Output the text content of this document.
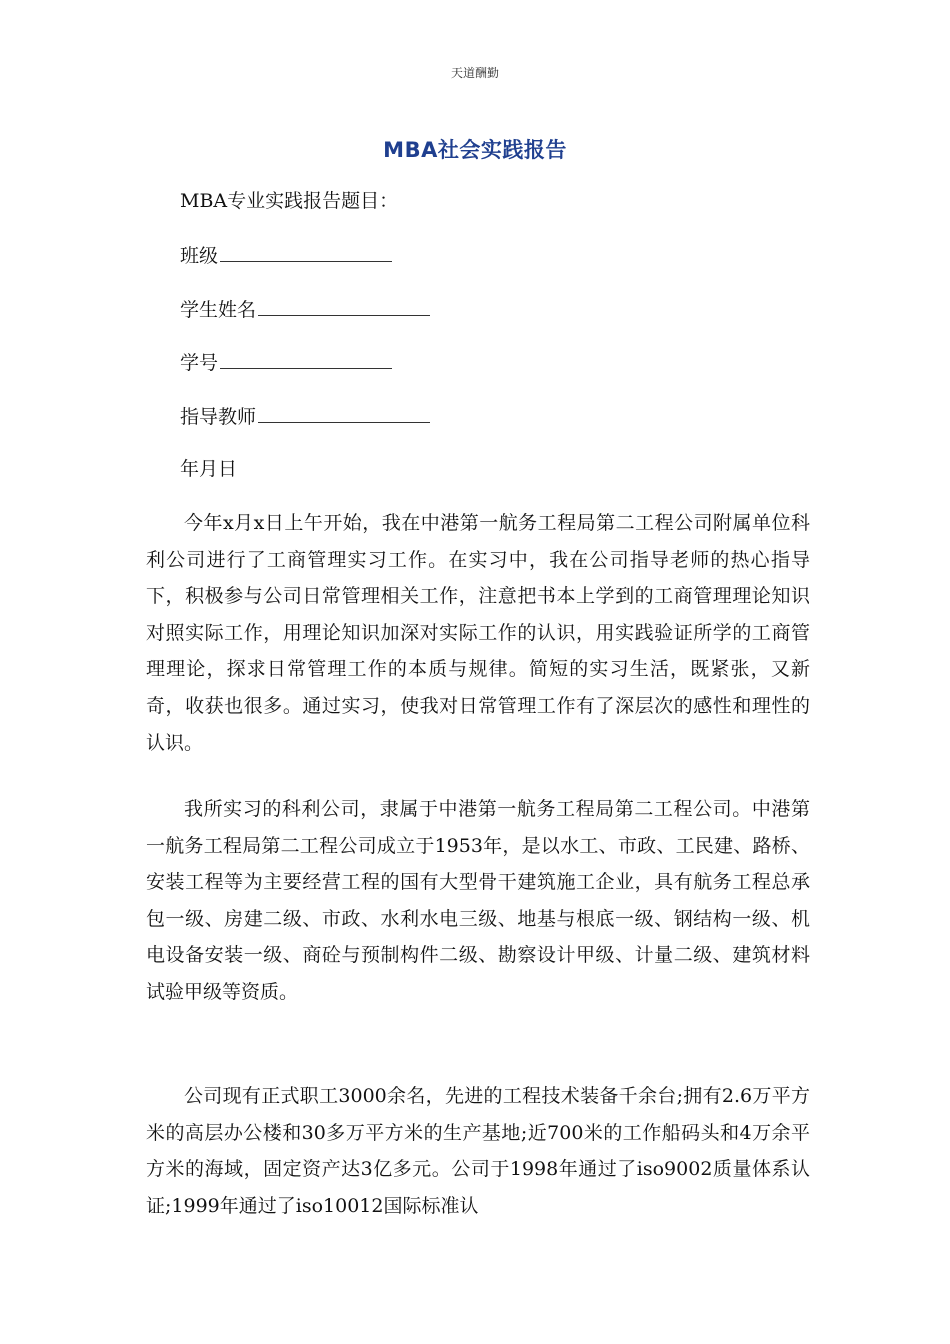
天道酬勤
MBA社会实践报告
MBA专业实践报告题目：
班级
学生姓名
学号
指导教师
年月日

今年x月x日上午开始，我在中港第一航务工程局第二工程公司附属单位科利公司进行了工商管理实习工作。在实习中，我在公司指导老师的热心指导下，积极参与公司日常管理相关工作，注意把书本上学到的工商管理理论知识对照实际工作，用理论知识加深对实际工作的认识，用实践验证所学的工商管理理论，探求日常管理工作的本质与规律。简短的实习生活，既紧张，又新奇，收获也很多。通过实习，使我对日常管理工作有了深层次的感性和理性的认识。

我所实习的科利公司，隶属于中港第一航务工程局第二工程公司。中港第一航务工程局第二工程公司成立于1953年，是以水工、市政、工民建、路桥、安装工程等为主要经营工程的国有大型骨干建筑施工企业，具有航务工程总承包一级、房建二级、市政、水利水电三级、地基与根底一级、钢结构一级、机电设备安装一级、商砼与预制构件二级、勘察设计甲级、计量二级、建筑材料试验甲级等资质。

公司现有正式职工3000余名，先进的工程技术装备千余台;拥有2.6万平方米的高层办公楼和30多万平方米的生产基地;近700米的工作船码头和4万余平方米的海域，固定资产达3亿多元。公司于1998年通过了iso9002质量体系认证;1999年通过了iso10012国际标准认
